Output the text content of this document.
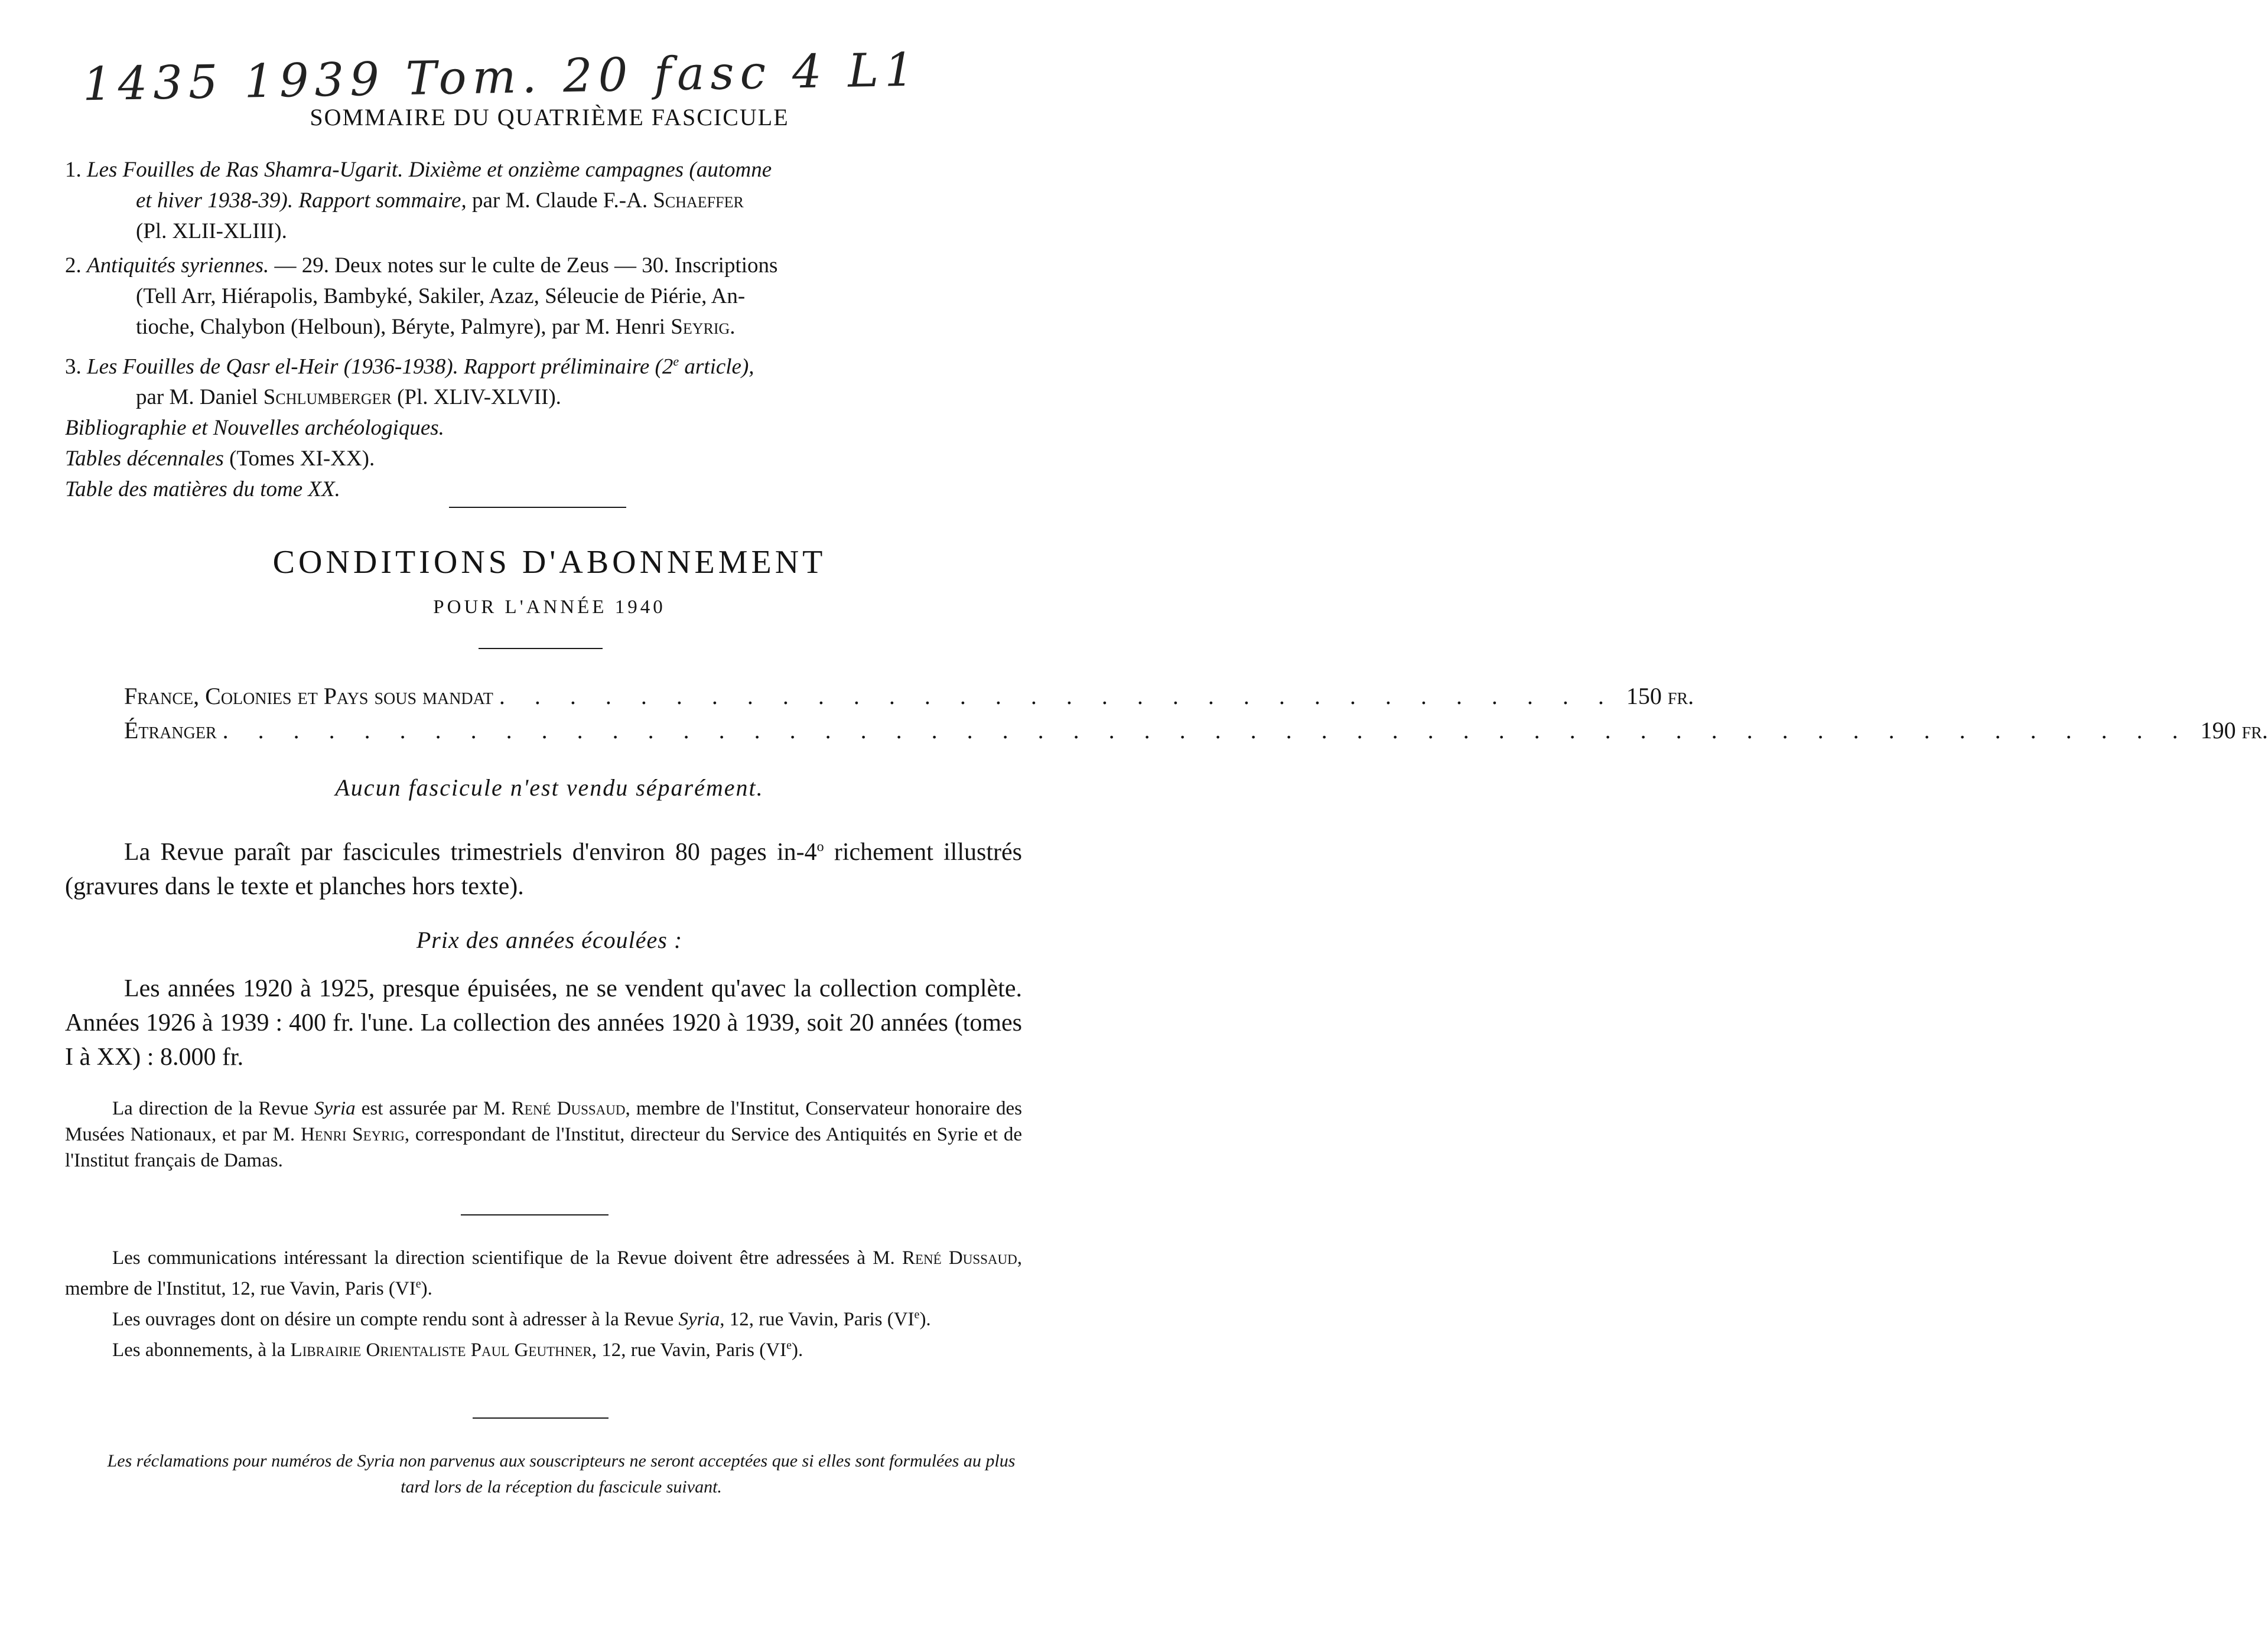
1435 1939 Tom. 20 fasc 4 L1
SOMMAIRE DU QUATRIÈME FASCICULE
1. Les Fouilles de Ras Shamra-Ugarit. Dixième et onzième campagnes (automne
et hiver 1938-39). Rapport sommaire, par M. Claude F.-A. Schaeffer
(Pl. XLII-XLIII).
2. Antiquités syriennes. — 29. Deux notes sur le culte de Zeus — 30. Inscriptions
(Tell Arr, Hiérapolis, Bambyké, Sakiler, Azaz, Séleucie de Piérie, An-
tioche, Chalybon (Helboun), Béryte, Palmyre), par M. Henri Seyrig.
3. Les Fouilles de Qasr el-Heir (1936-1938). Rapport préliminaire (2e article),
par M. Daniel Schlumberger (Pl. XLIV-XLVII).
Bibliographie et Nouvelles archéologiques.
Tables décennales (Tomes XI-XX).
Table des matières du tome XX.
CONDITIONS D'ABONNEMENT
POUR L'ANNÉE 1940
France, Colonies et Pays sous mandat . . . . . . . . . . . . . . . . . . . . . . . . . . . . . . . . 150 fr.
Étranger . . . . . . . . . . . . . . . . . . . . . . . . . . . . . . . . . . . . . . . . . . . . . . . . . . . . . . . . 190 fr.
Aucun fascicule n'est vendu séparément.
La Revue paraît par fascicules trimestriels d'environ 80 pages in-4$^o$ richement illustrés (gravures dans le texte et planches hors texte).
Prix des années écoulées :
Les années 1920 à 1925, presque épuisées, ne se vendent qu'avec la collection complète. Années 1926 à 1939 : 400 fr. l'une. La collection des années 1920 à 1939, soit 20 années (tomes I à XX) : 8.000 fr.

La direction de la Revue Syria est assurée par M. René Dussaud, membre de l'Institut, Conservateur honoraire des Musées Nationaux, et par M. Henri Seyrig, correspondant de l'Institut, directeur du Service des Antiquités en Syrie et de l'Institut français de Damas.

Les communications intéressant la direction scientifique de la Revue doivent être adressées à M. René Dussaud, membre de l'Institut, 12, rue Vavin, Paris (VIe).

Les ouvrages dont on désire un compte rendu sont à adresser à la Revue Syria, 12, rue Vavin, Paris (VIe).

Les abonnements, à la Librairie Orientaliste Paul Geuthner, 12, rue Vavin, Paris (VIe).

Les réclamations pour numéros de Syria non parvenus aux souscripteurs ne seront acceptées que si elles sont formulées au plus tard lors de la réception du fascicule suivant.
